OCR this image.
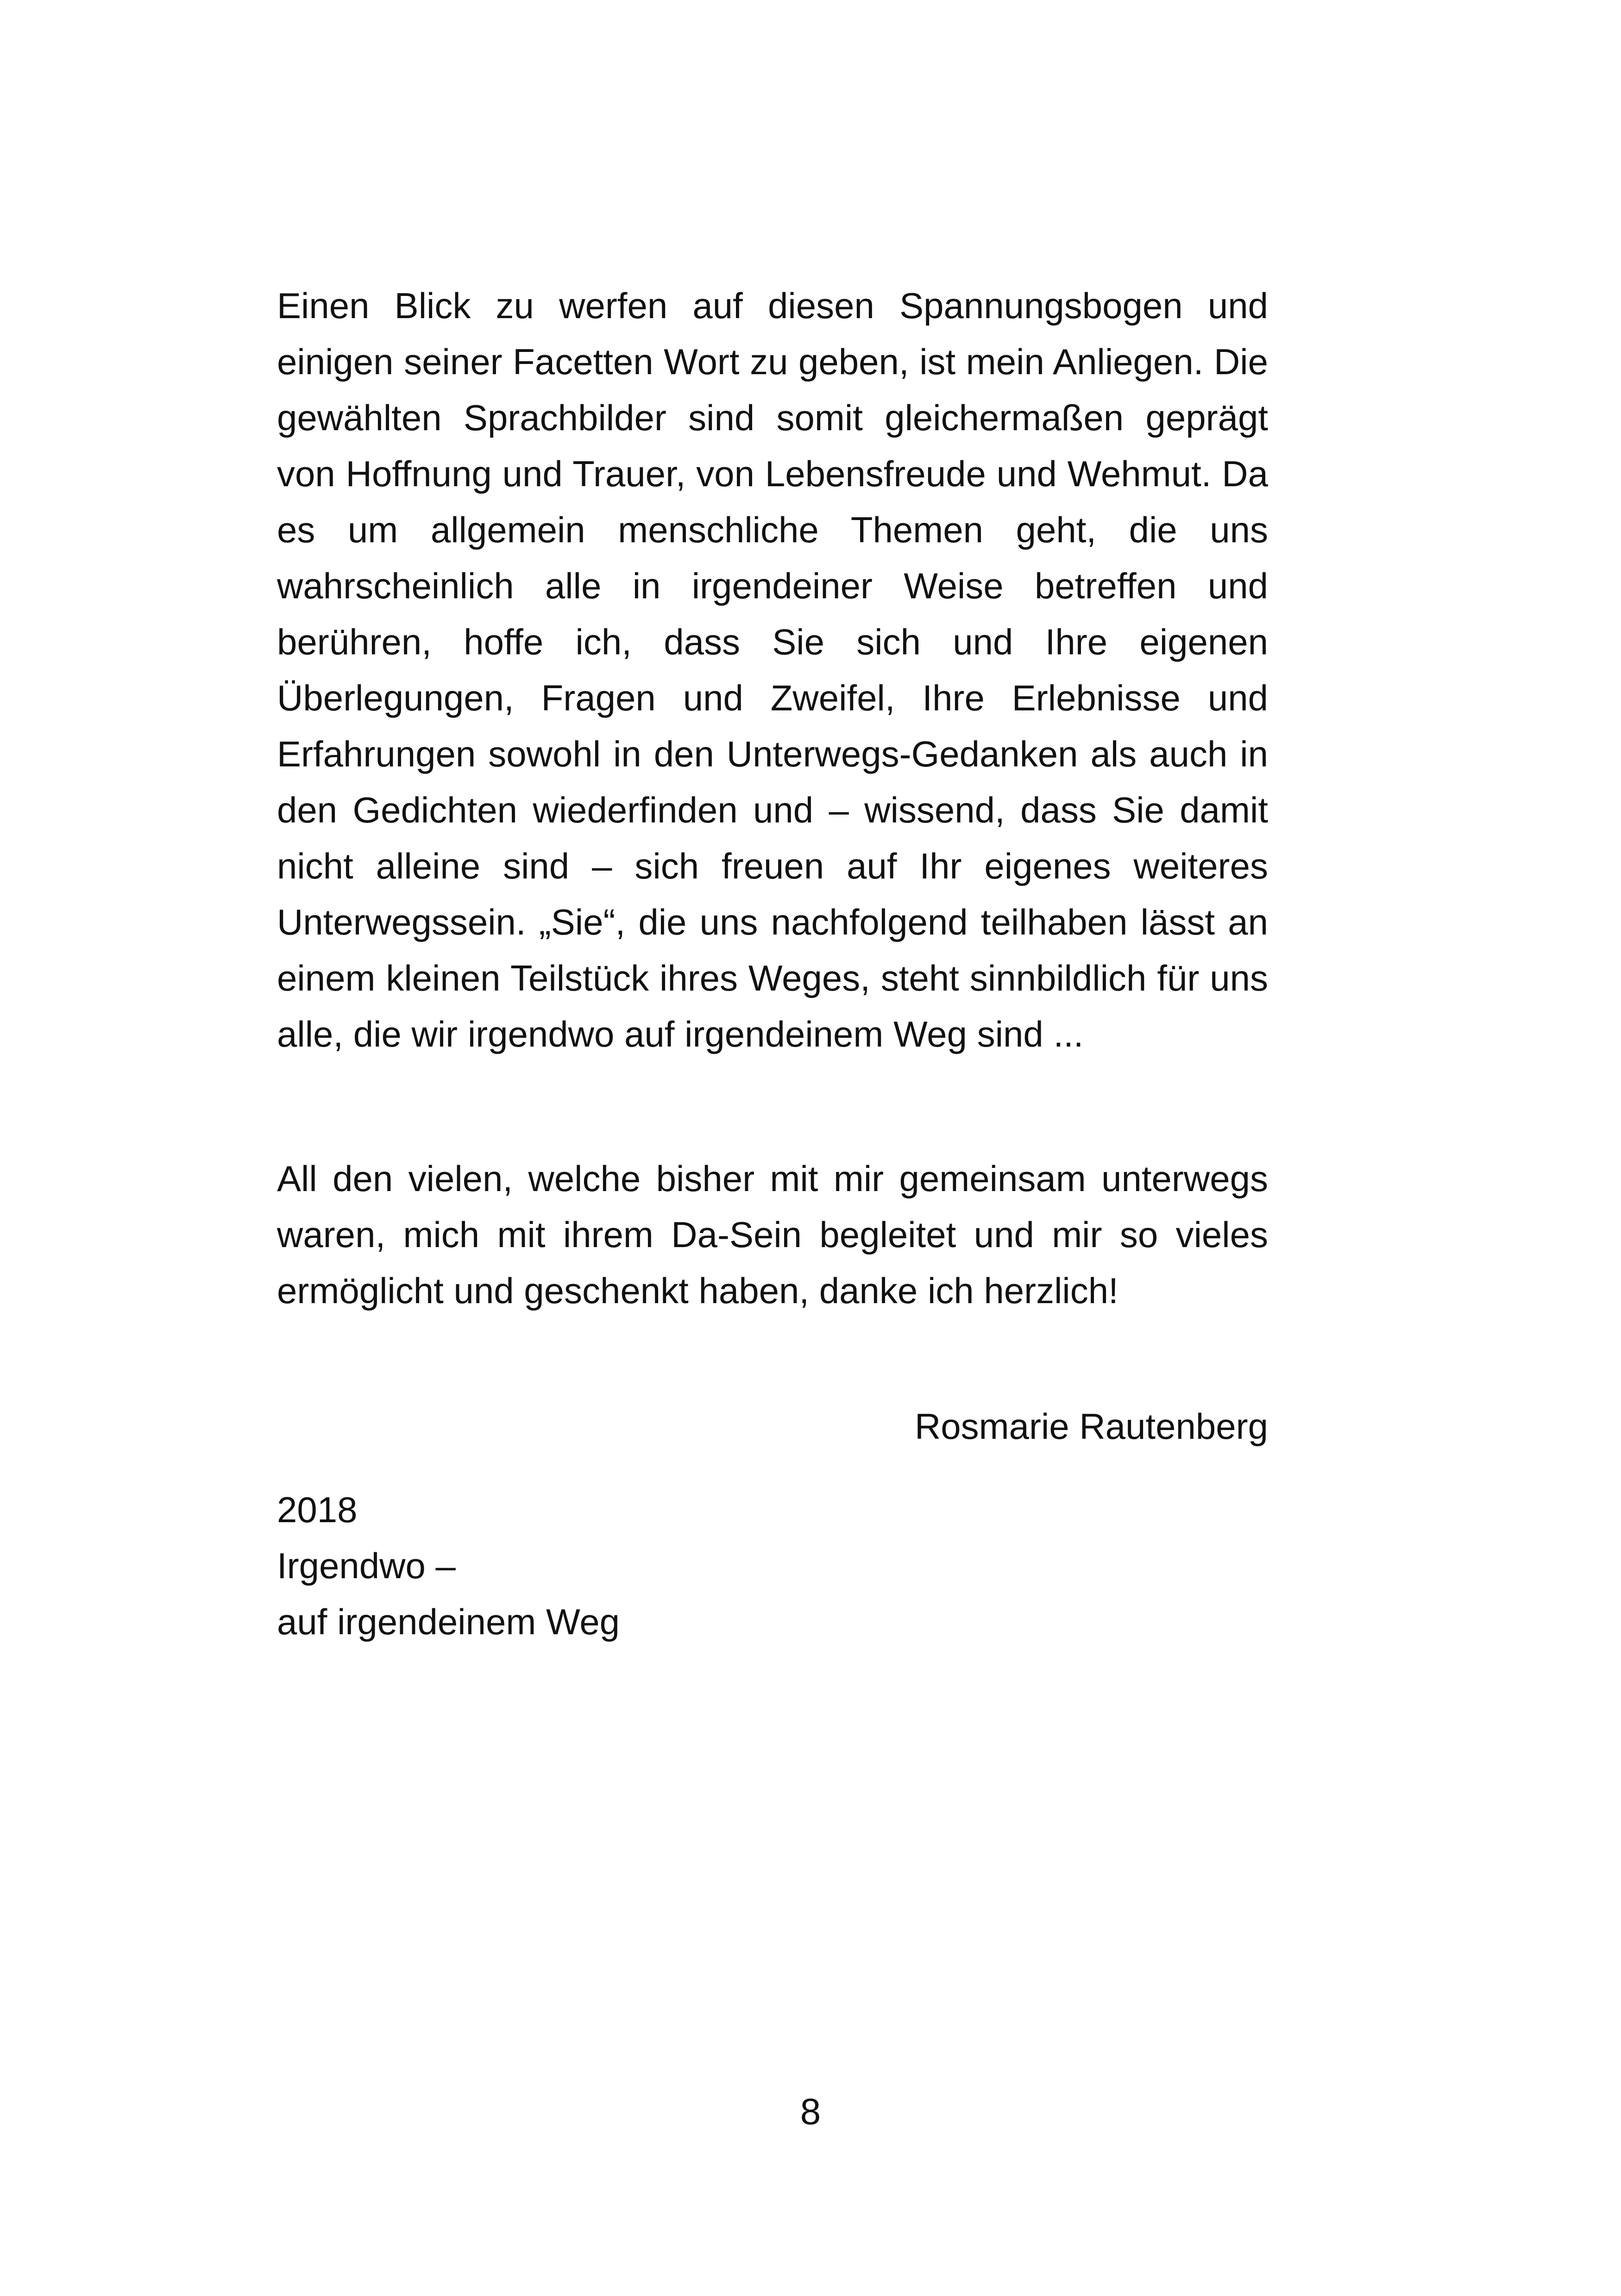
Einen Blick zu werfen auf diesen Spannungsbogen und einigen seiner Facetten Wort zu geben, ist mein Anliegen. Die gewählten Sprachbilder sind somit gleichermaßen geprägt von Hoffnung und Trauer, von Lebensfreude und Wehmut. Da es um allgemein menschliche Themen geht, die uns wahrscheinlich alle in irgendeiner Weise betreffen und berühren, hoffe ich, dass Sie sich und Ihre eigenen Überlegungen, Fragen und Zweifel, Ihre Erlebnisse und Erfahrungen sowohl in den Unterwegs-Gedanken als auch in den Gedichten wiederfinden und – wissend, dass Sie damit nicht alleine sind – sich freuen auf Ihr eigenes weiteres Unterwegssein. „Sie“, die uns nachfolgend teilhaben lässt an einem kleinen Teilstück ihres Weges, steht sinnbildlich für uns alle, die wir irgendwo auf irgendeinem Weg sind ...

All den vielen, welche bisher mit mir gemeinsam unterwegs waren, mich mit ihrem Da-Sein begleitet und mir so vieles ermöglicht und geschenkt haben, danke ich herzlich!

Rosmarie Rautenberg
2018
Irgendwo –
auf irgendeinem Weg
8
